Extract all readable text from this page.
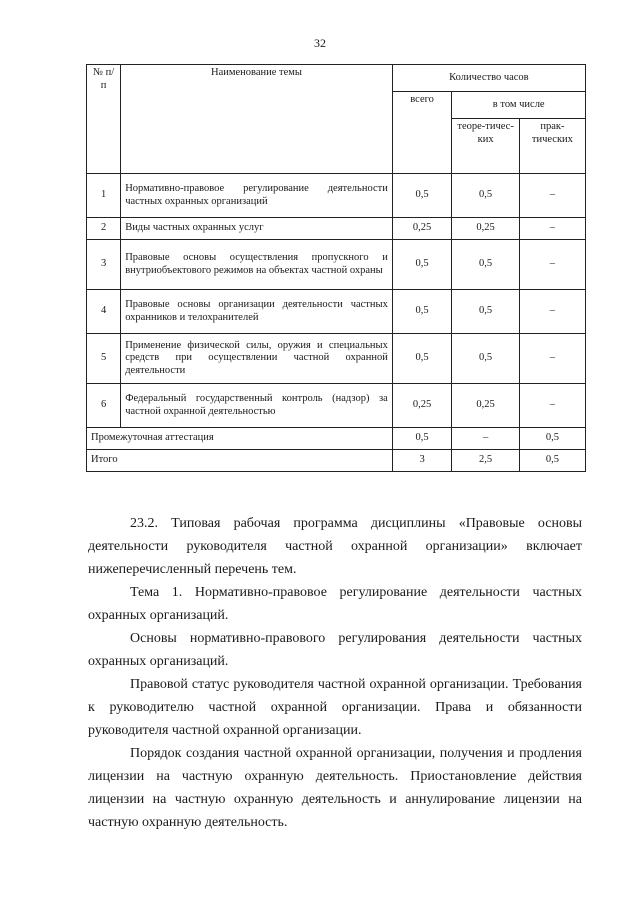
32
№ п/п	Наименование темы	Количество часов		
		всего	в том числе	
			теоре-тичес-ких	прак-тических
1	Нормативно-правовое регулирование деятельности частных охранных организаций	0,5	0,5	–
2	Виды частных охранных услуг	0,25	0,25	–
3	Правовые основы осуществления пропускного и внутриобъектового режимов на объектах частной охраны	0,5	0,5	–
4	Правовые основы организации деятельности частных охранников и телохранителей	0,5	0,5	–
5	Применение физической силы, оружия и специальных средств при осуществлении частной охранной деятельности	0,5	0,5	–
6	Федеральный государственный контроль (надзор) за частной охранной деятельностью	0,25	0,25	–
Промежуточная аттестация		0,5	–	0,5
Итого		3	2,5	0,5

23.2. Типовая рабочая программа дисциплины «Правовые основы деятельности руководителя частной охранной организации» включает нижеперечисленный перечень тем.

Тема 1. Нормативно-правовое регулирование деятельности частных охранных организаций.

Основы нормативно-правового регулирования деятельности частных охранных организаций.

Правовой статус руководителя частной охранной организации. Требования к руководителю частной охранной организации. Права и обязанности руководителя частной охранной организации.

Порядок создания частной охранной организации, получения и продления лицензии на частную охранную деятельность. Приостановление действия лицензии на частную охранную деятельность и аннулирование лицензии на частную охранную деятельность.
